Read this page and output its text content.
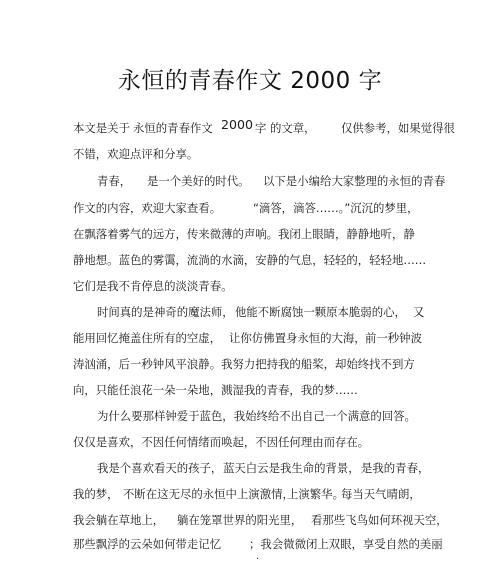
永恒的青春作文 2000 字
本文是关于 永恒的青春作文 2000 字 的文章， 仅供参考，如果觉得很
不错，欢迎点评和分享。
青春， 是一个美好的时代。 以下是小编给大家整理的永恒的青春
作文的内容，欢迎大家查看。	“滴答，滴答……。”沉沉的梦里，
在飘落着雾气的远方，传来微薄的声响。我闭上眼睛，静静地听，静
静地想。蓝色的雾霭，流淌的水滴，安静的气息，轻轻的，轻轻地……
它们是我不肯停息的淡淡青春。
时间真的是神奇的魔法师， 他能不断腐蚀一颗原本脆弱的心， 又
能用回忆掩盖住所有的空虚， 让你仿佛置身永恒的大海， 前一秒钟波
涛汹涌，后一秒钟风平浪静。我努力把持我的船桨，却始终找不到方
向，只能任浪花一朵一朵地，溅湿我的青春，我的梦……
为什么要那样钟爱于蓝色，我始终给不出自己一个满意的回答。
仅仅是喜欢，不因任何情绪而唤起，不因任何理由而存在。
我是个喜欢看天的孩子， 蓝天白云是我生命的背景， 是我的青春，
我的梦， 不断在这无尽的永恒中上演激情，
上演繁华。
每当天气晴朗，
我会躺在草地上， 躺在笼罩世界的阳光里， 看那些飞鸟如何环视天空，
那些飘浮的云朵如何带走记忆 ；我会微微闭上双眼，享受自然的美丽
·
